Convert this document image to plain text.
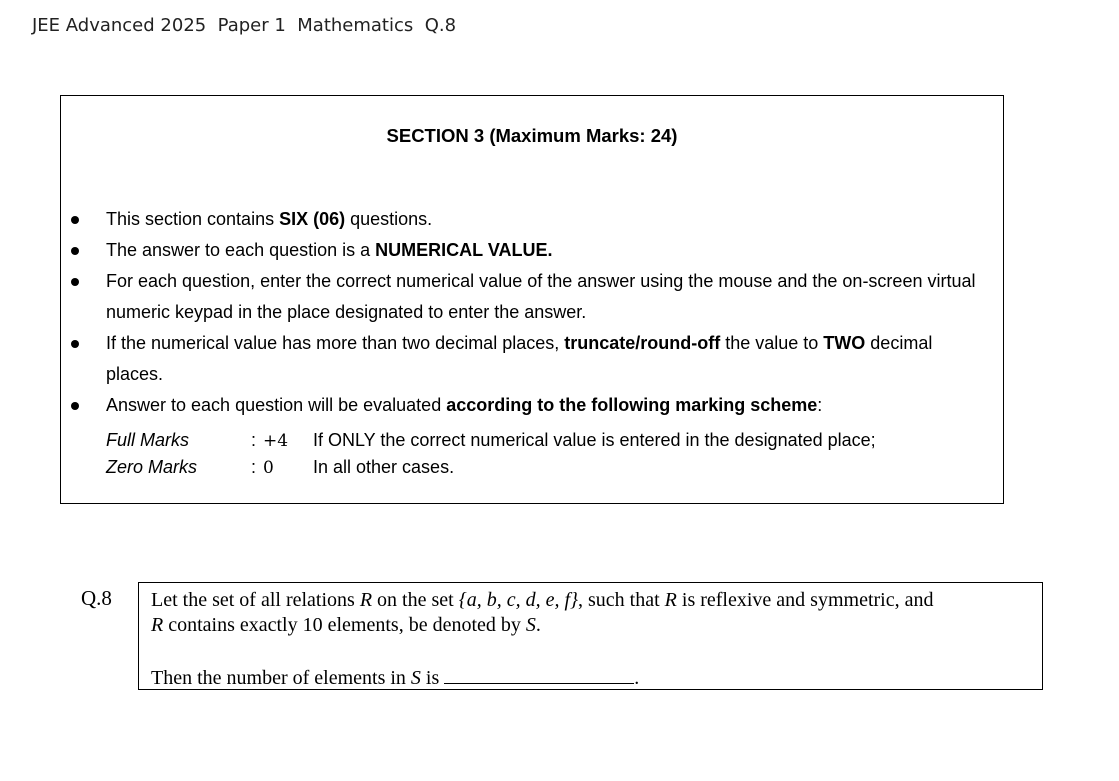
JEE Advanced 2025  Paper 1  Mathematics  Q.8
SECTION 3 (Maximum Marks: 24)
This section contains SIX (06) questions.
The answer to each question is a NUMERICAL VALUE.
For each question, enter the correct numerical value of the answer using the mouse and the on-screen virtual numeric keypad in the place designated to enter the answer.
If the numerical value has more than two decimal places, truncate/round-off the value to TWO decimal places.
Answer to each question will be evaluated according to the following marking scheme:
Full Marks	:	+4	If ONLY the correct numerical value is entered in the designated place;
Zero Marks	:	0	In all other cases.
Q.8 Let the set of all relations R on the set {a, b, c, d, e, f}, such that R is reflexive and symmetric, and
R contains exactly 10 elements, be denoted by S.
Then the number of elements in S is	.
